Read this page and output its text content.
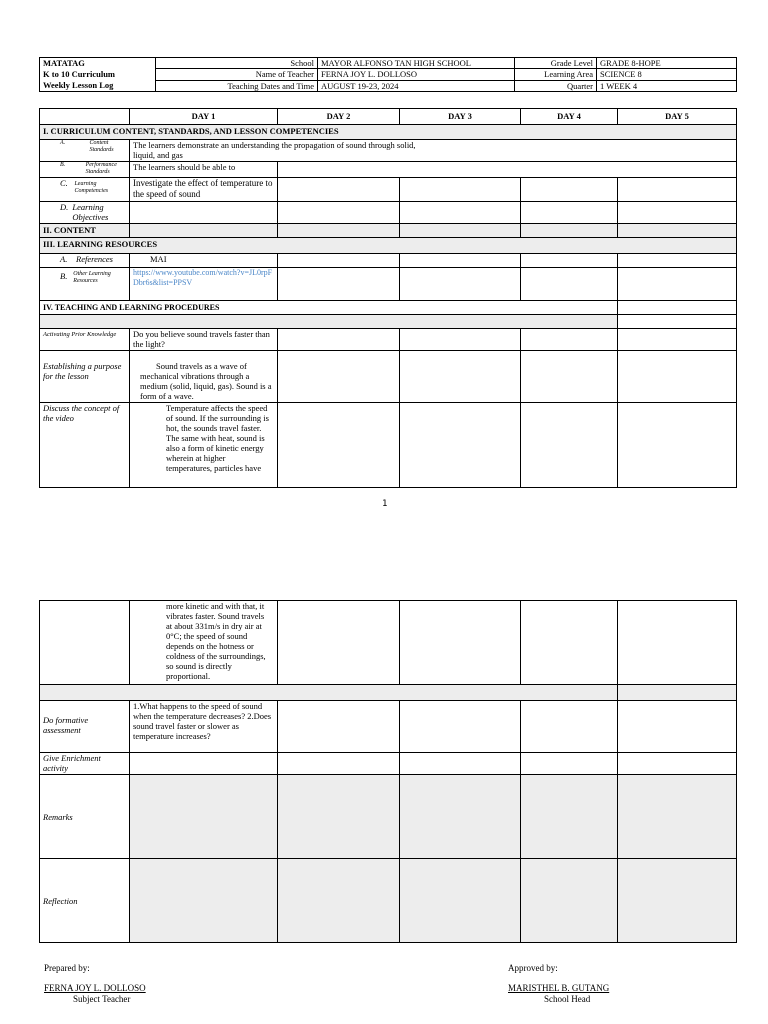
MATATAG
K to 10 Curriculum
Weekly Lesson Log	School	MAYOR ALFONSO TAN HIGH SCHOOL	Grade Level	GRADE 8-HOPE
	Name of Teacher	FERNA JOY L. DOLLOSO	Learning Area	SCIENCE 8
	Teaching Dates and Time	AUGUST 19-23, 2024	Quarter	1 WEEK 4
	DAY 1	DAY 2	DAY 3	DAY 4	DAY 5
I. CURRICULUM CONTENT, STANDARDS, AND LESSON COMPETENCIES					

A. Content Standards	The learners demonstrate an understanding the propagation of sound through solid, liquid, and gas				

B. Performance Standards	The learners should be able to				

C. Learning Competencies	Investigate the effect of temperature to the speed of sound				

D. Learning Objectives					

II. CONTENT					
III. LEARNING RESOURCES					
A. References	MAI				

B. Other Learning Resources	https://www.youtube.com/watch?v=JL0rpFDbr6s&list=PPSV				
IV. TEACHING AND LEARNING PROCEDURES					

Activating Prior Knowledge	Do you believe sound travels faster than the light?				
Establishing a purpose for the lesson	Sound travels as a wave of mechanical vibrations through a medium (solid, liquid, gas). Sound is a form of a wave.				
Discuss the concept of the video	Temperature affects the speed of sound. If the surrounding is hot, the sounds travel faster. The same with heat, sound is also a form of kinetic energy wherein at higher temperatures, particles have				
1
	more kinetic and with that, it vibrates faster. Sound travels at about 331m/s in dry air at 0°C; the speed of sound depends on the hotness or coldness of the surroundings, so sound is directly proportional.				

Do formative assessment	1.What happens to the speed of sound when the temperature decreases? 2.Does sound travel faster or slower as temperature increases?				
Give Enrichment activity					
Remarks					
Reflection					
Prepared by:
FERNA JOY L. DOLLOSO
Subject Teacher
Approved by:
MARISTHEL B. GUTANG
School Head
